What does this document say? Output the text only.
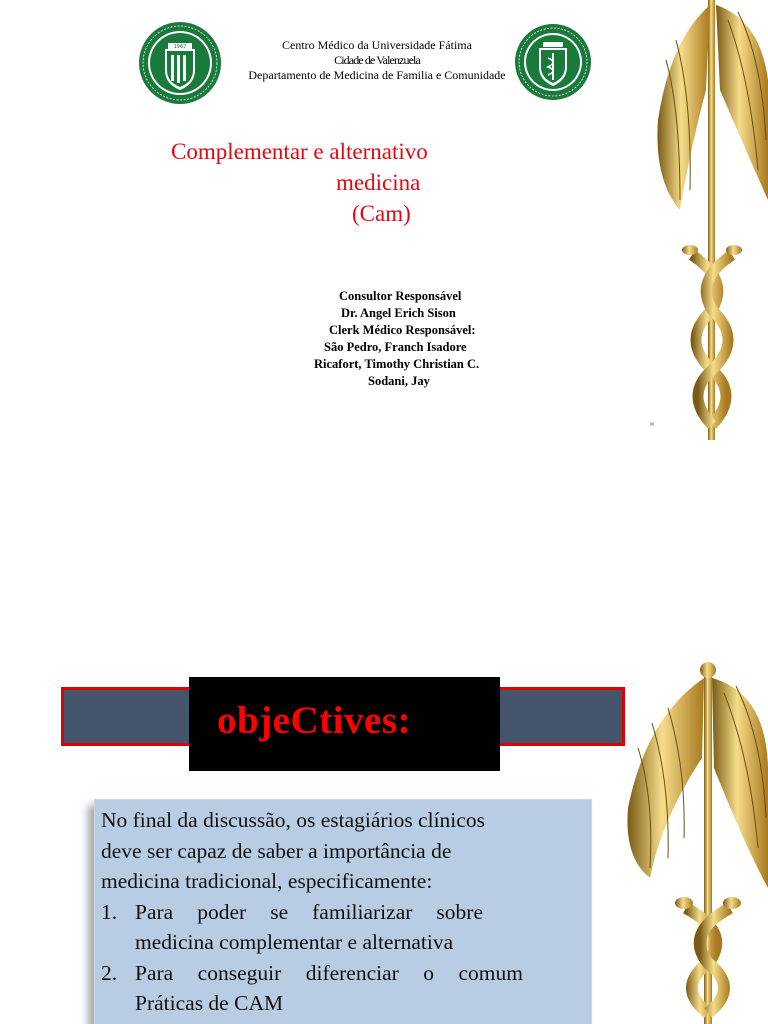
1967	Centro Médico da Universidade Fátima
Cidade de Valenzuela
Departamento de Medicina de Familia e Comunidade
Complementar e alternativo
medicina
(Cam)
Consultor Responsável
Dr. Angel Erich Sison
Clerk Médico Responsável:
São Pedro, Franch Isadore
Ricafort, Timothy Christian C.
Sodani, Jay
objeCtives:

No final da discussão, os estagiários clínicos

deve ser capaz de saber a importância de

medicina tradicional, especificamente:

1. Para poder se familiarizar sobre

medicina complementar e alternativa

2. Para conseguir diferenciar o comum

Práticas de CAM
